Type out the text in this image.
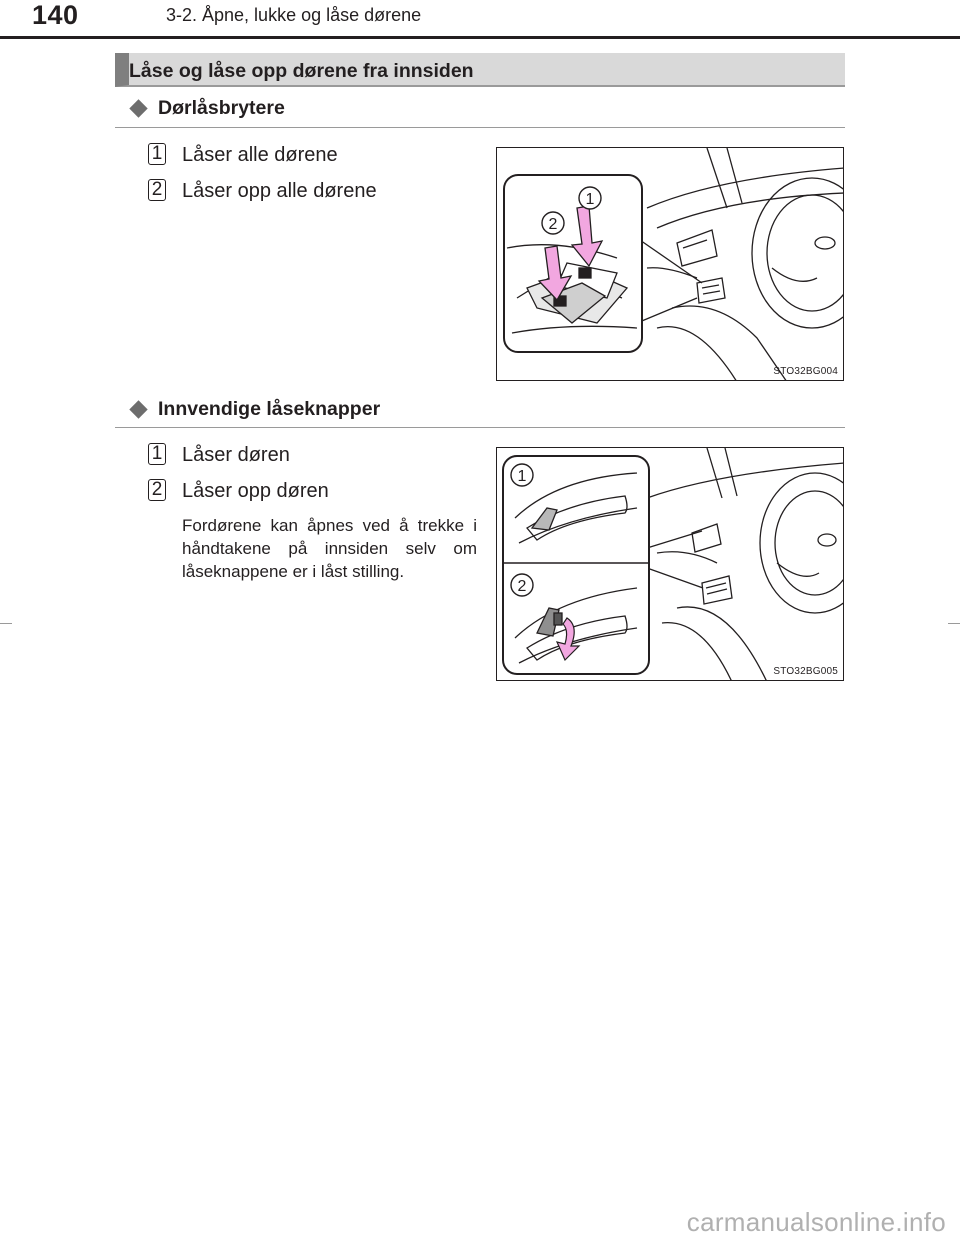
140	3-2. Åpne, lukke og låse dørene
Låse og låse opp dørene fra innsiden
Dørlåsbrytere
1 Låser alle dørene
2 Låser opp alle dørene	1
2
STO32BG004
Innvendige låseknapper
1 Låser døren
2 Låser opp døren
Fordørene kan åpnes ved å trekke i håndtakene på innsiden selv om låseknappene er i låst stilling.
1
2
STO32BG005
carmanualsonline.info
